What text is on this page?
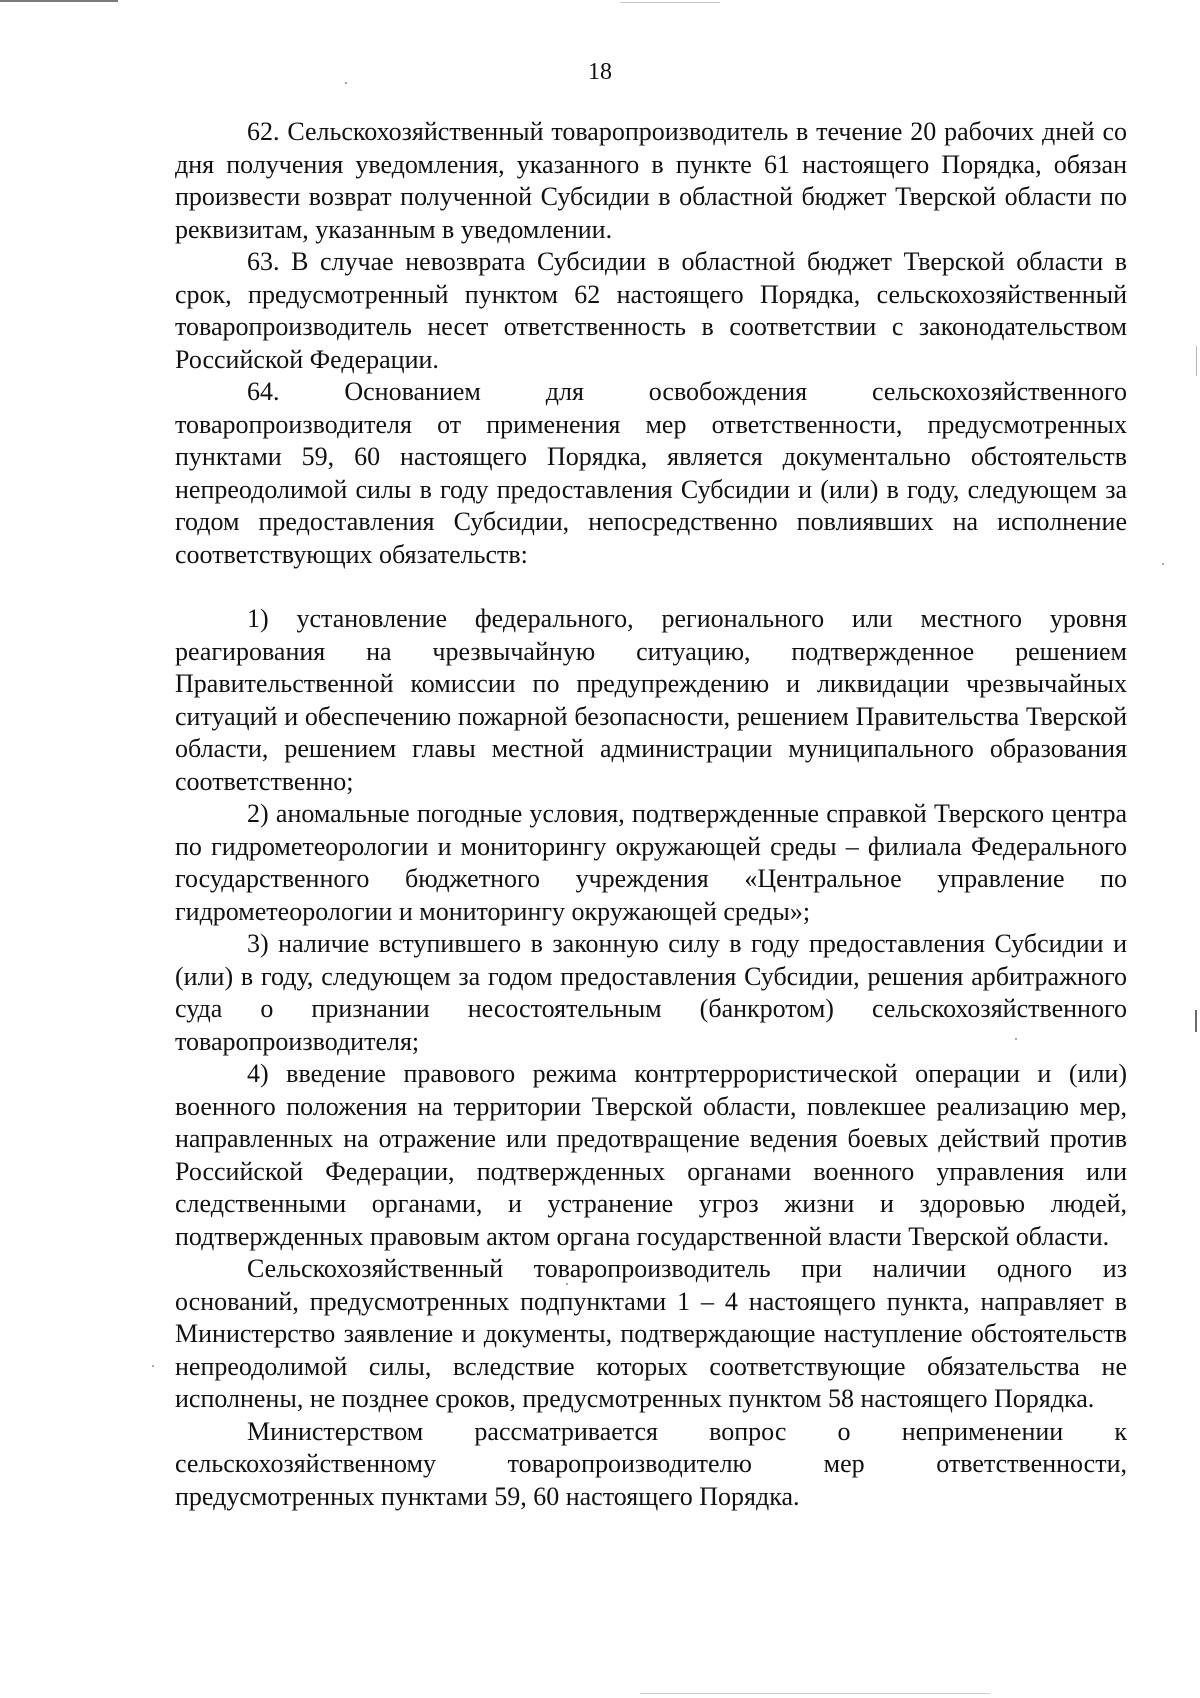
18

62. Сельскохозяйственный товаропроизводитель в течение 20 рабочих дней со дня получения уведомления, указанного в пункте 61 настоящего Порядка, обязан произвести возврат полученной Субсидии в областной бюджет Тверской области по реквизитам, указанным в уведомлении.

63. В случае невозврата Субсидии в областной бюджет Тверской области в срок, предусмотренный пунктом 62 настоящего Порядка, сельскохозяйственный товаропроизводитель несет ответственность в соответствии с законодательством Российской Федерации.

64. Основанием для освобождения сельскохозяйственного товаропроизводителя от применения мер ответственности, предусмотренных пунктами 59, 60 настоящего Порядка, является документально обстоятельств непреодолимой силы в году предоставления Субсидии и (или) в году, следующем за годом предоставления Субсидии, непосредственно повлиявших на исполнение соответствующих обязательств:

1) установление федерального, регионального или местного уровня реагирования на чрезвычайную ситуацию, подтвержденное решением Правительственной комиссии по предупреждению и ликвидации чрезвычайных ситуаций и обеспечению пожарной безопасности, решением Правительства Тверской области, решением главы местной администрации муниципального образования соответственно;

2) аномальные погодные условия, подтвержденные справкой Тверского центра по гидрометеорологии и мониторингу окружающей среды – филиала Федерального государственного бюджетного учреждения «Центральное управление по гидрометеорологии и мониторингу окружающей среды»;

3) наличие вступившего в законную силу в году предоставления Субсидии и (или) в году, следующем за годом предоставления Субсидии, решения арбитражного суда о признании несостоятельным (банкротом) сельскохозяйственного товаропроизводителя;

4) введение правового режима контртеррористической операции и (или) военного положения на территории Тверской области, повлекшее реализацию мер, направленных на отражение или предотвращение ведения боевых действий против Российской Федерации, подтвержденных органами военного управления или следственными органами, и устранение угроз жизни и здоровью людей, подтвержденных правовым актом органа государственной власти Тверской области.

Сельскохозяйственный товаропроизводитель при наличии одного из оснований, предусмотренных подпунктами 1 – 4 настоящего пункта, направляет в Министерство заявление и документы, подтверждающие наступление обстоятельств непреодолимой силы, вследствие которых соответствующие обязательства не исполнены, не позднее сроков, предусмотренных пунктом 58 настоящего Порядка.

Министерством рассматривается вопрос о неприменении к сельскохозяйственному товаропроизводителю мер ответственности, предусмотренных пунктами 59, 60 настоящего Порядка.
